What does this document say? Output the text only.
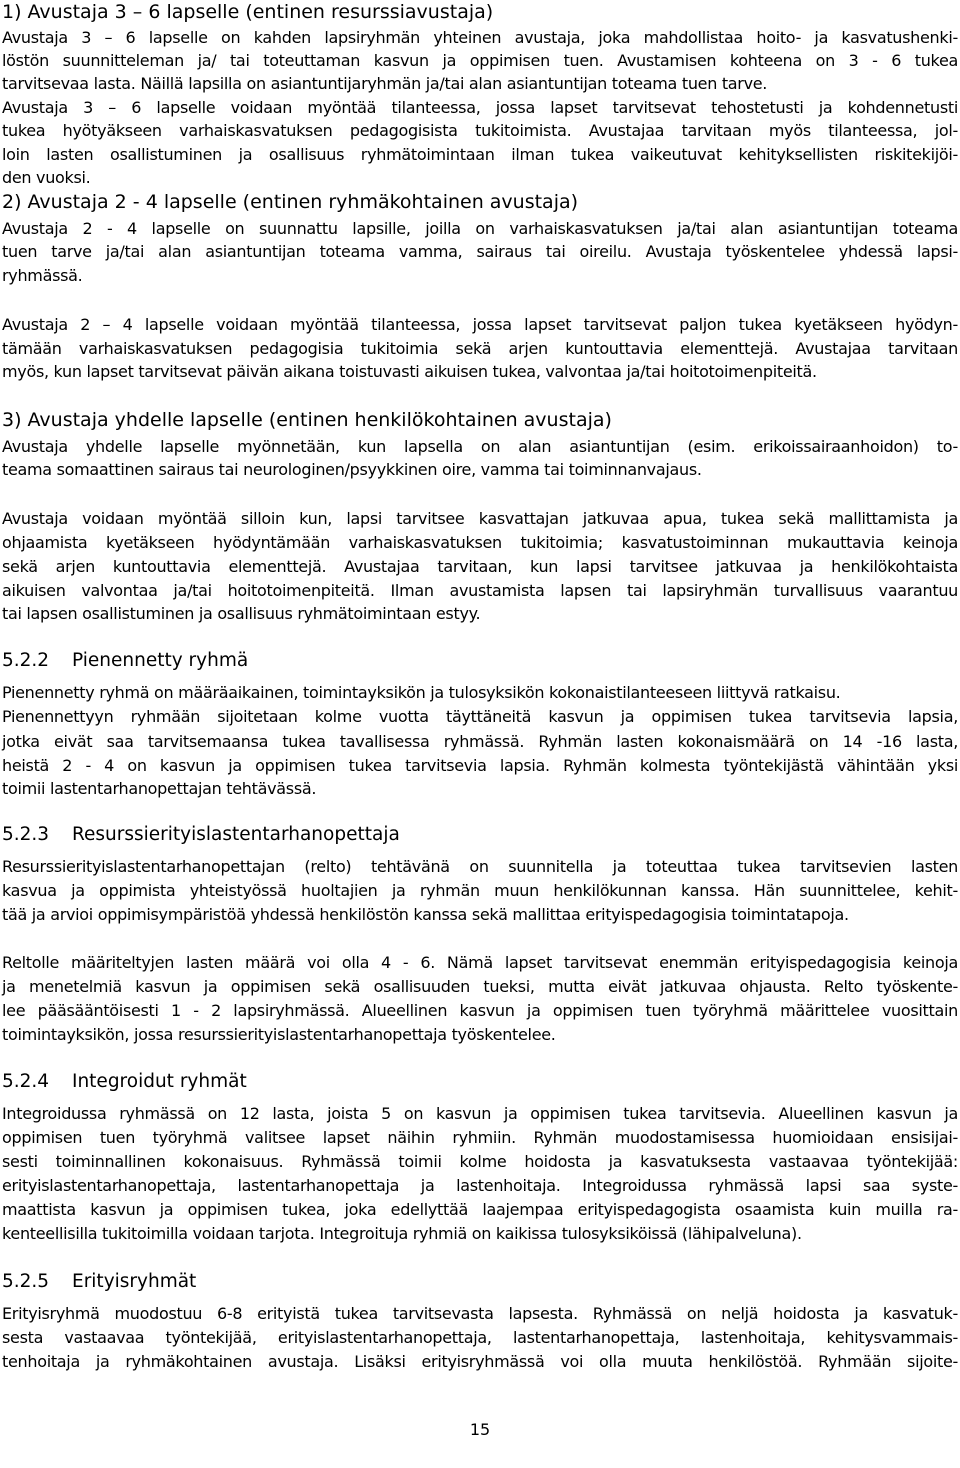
1) Avustaja 3 – 6 lapselle (entinen resurssiavustaja)
Avustaja 3 – 6 lapselle on kahden lapsiryhmän yhteinen avustaja, joka mahdollistaa hoito- ja kasvatushenki-
löstön suunnitteleman ja/ tai toteuttaman kasvun ja oppimisen tuen. Avustamisen kohteena on 3 - 6 tukea
tarvitsevaa lasta. Näillä lapsilla on asiantuntijaryhmän ja/tai alan asiantuntijan toteama tuen tarve.
Avustaja 3 – 6 lapselle voidaan myöntää tilanteessa, jossa lapset tarvitsevat tehostetusti ja kohdennetusti
tukea hyötyäkseen varhaiskasvatuksen pedagogisista tukitoimista. Avustajaa tarvitaan myös tilanteessa, jol-
loin lasten osallistuminen ja osallisuus ryhmätoimintaan ilman tukea vaikeutuvat kehityksellisten riskitekijöi-
den vuoksi.
2) Avustaja 2 - 4 lapselle (entinen ryhmäkohtainen avustaja)
Avustaja 2 - 4 lapselle on suunnattu lapsille, joilla on varhaiskasvatuksen ja/tai alan asiantuntijan toteama
tuen tarve ja/tai alan asiantuntijan toteama vamma, sairaus tai oireilu. Avustaja työskentelee yhdessä lapsi-
ryhmässä.
Avustaja 2 – 4 lapselle voidaan myöntää tilanteessa, jossa lapset tarvitsevat paljon tukea kyetäkseen hyödyn-
tämään varhaiskasvatuksen pedagogisia tukitoimia sekä arjen kuntouttavia elementtejä. Avustajaa tarvitaan
myös, kun lapset tarvitsevat päivän aikana toistuvasti aikuisen tukea, valvontaa ja/tai hoitotoimenpiteitä.
3) Avustaja yhdelle lapselle (entinen henkilökohtainen avustaja)
Avustaja yhdelle lapselle myönnetään, kun lapsella on alan asiantuntijan (esim. erikoissairaanhoidon) to-
teama somaattinen sairaus tai neurologinen/psyykkinen oire, vamma tai toiminnanvajaus.
Avustaja voidaan myöntää silloin kun, lapsi tarvitsee kasvattajan jatkuvaa apua, tukea sekä mallittamista ja
ohjaamista kyetäkseen hyödyntämään varhaiskasvatuksen tukitoimia; kasvatustoiminnan mukauttavia keinoja
sekä arjen kuntouttavia elementtejä. Avustajaa tarvitaan, kun lapsi tarvitsee jatkuvaa ja henkilökohtaista
aikuisen valvontaa ja/tai hoitotoimenpiteitä. Ilman avustamista lapsen tai lapsiryhmän turvallisuus vaarantuu
tai lapsen osallistuminen ja osallisuus ryhmätoimintaan estyy.
5.2.2 Pienennetty ryhmä
Pienennetty ryhmä on määräaikainen, toimintayksikön ja tulosyksikön kokonaistilanteeseen liittyvä ratkaisu.
Pienennettyyn ryhmään sijoitetaan kolme vuotta täyttäneitä kasvun ja oppimisen tukea tarvitsevia lapsia,
jotka eivät saa tarvitsemaansa tukea tavallisessa ryhmässä. Ryhmän lasten kokonaismäärä on 14 -16 lasta,
heistä 2 - 4 on kasvun ja oppimisen tukea tarvitsevia lapsia. Ryhmän kolmesta työntekijästä vähintään yksi
toimii lastentarhanopettajan tehtävässä.
5.2.3 Resurssierityislastentarhanopettaja
Resurssierityislastentarhanopettajan (relto) tehtävänä on suunnitella ja toteuttaa tukea tarvitsevien lasten
kasvua ja oppimista yhteistyössä huoltajien ja ryhmän muun henkilökunnan kanssa. Hän suunnittelee, kehit-
tää ja arvioi oppimisympäristöä yhdessä henkilöstön kanssa sekä mallittaa erityispedagogisia toimintatapoja.
Reltolle määriteltyjen lasten määrä voi olla 4 - 6. Nämä lapset tarvitsevat enemmän erityispedagogisia keinoja
ja menetelmiä kasvun ja oppimisen sekä osallisuuden tueksi, mutta eivät jatkuvaa ohjausta. Relto työskente-
lee pääsääntöisesti 1 - 2 lapsiryhmässä. Alueellinen kasvun ja oppimisen tuen työryhmä määrittelee vuosittain
toimintayksikön, jossa resurssierityislastentarhanopettaja työskentelee.
5.2.4 Integroidut ryhmät
Integroidussa ryhmässä on 12 lasta, joista 5 on kasvun ja oppimisen tukea tarvitsevia. Alueellinen kasvun ja
oppimisen tuen työryhmä valitsee lapset näihin ryhmiin. Ryhmän muodostamisessa huomioidaan ensisijai-
sesti toiminnallinen kokonaisuus. Ryhmässä toimii kolme hoidosta ja kasvatuksesta vastaavaa työntekijää:
erityislastentarhanopettaja, lastentarhanopettaja ja lastenhoitaja. Integroidussa ryhmässä lapsi saa syste-
maattista kasvun ja oppimisen tukea, joka edellyttää laajempaa erityispedagogista osaamista kuin muilla ra-
kenteellisilla tukitoimilla voidaan tarjota. Integroituja ryhmiä on kaikissa tulosyksiköissä (lähipalveluna).
5.2.5 Erityisryhmät
Erityisryhmä muodostuu 6-8 erityistä tukea tarvitsevasta lapsesta. Ryhmässä on neljä hoidosta ja kasvatuk-
sesta vastaavaa työntekijää, erityislastentarhanopettaja, lastentarhanopettaja, lastenhoitaja, kehitysvammais-
tenhoitaja ja ryhmäkohtainen avustaja. Lisäksi erityisryhmässä voi olla muuta henkilöstöä. Ryhmään sijoite-
15
